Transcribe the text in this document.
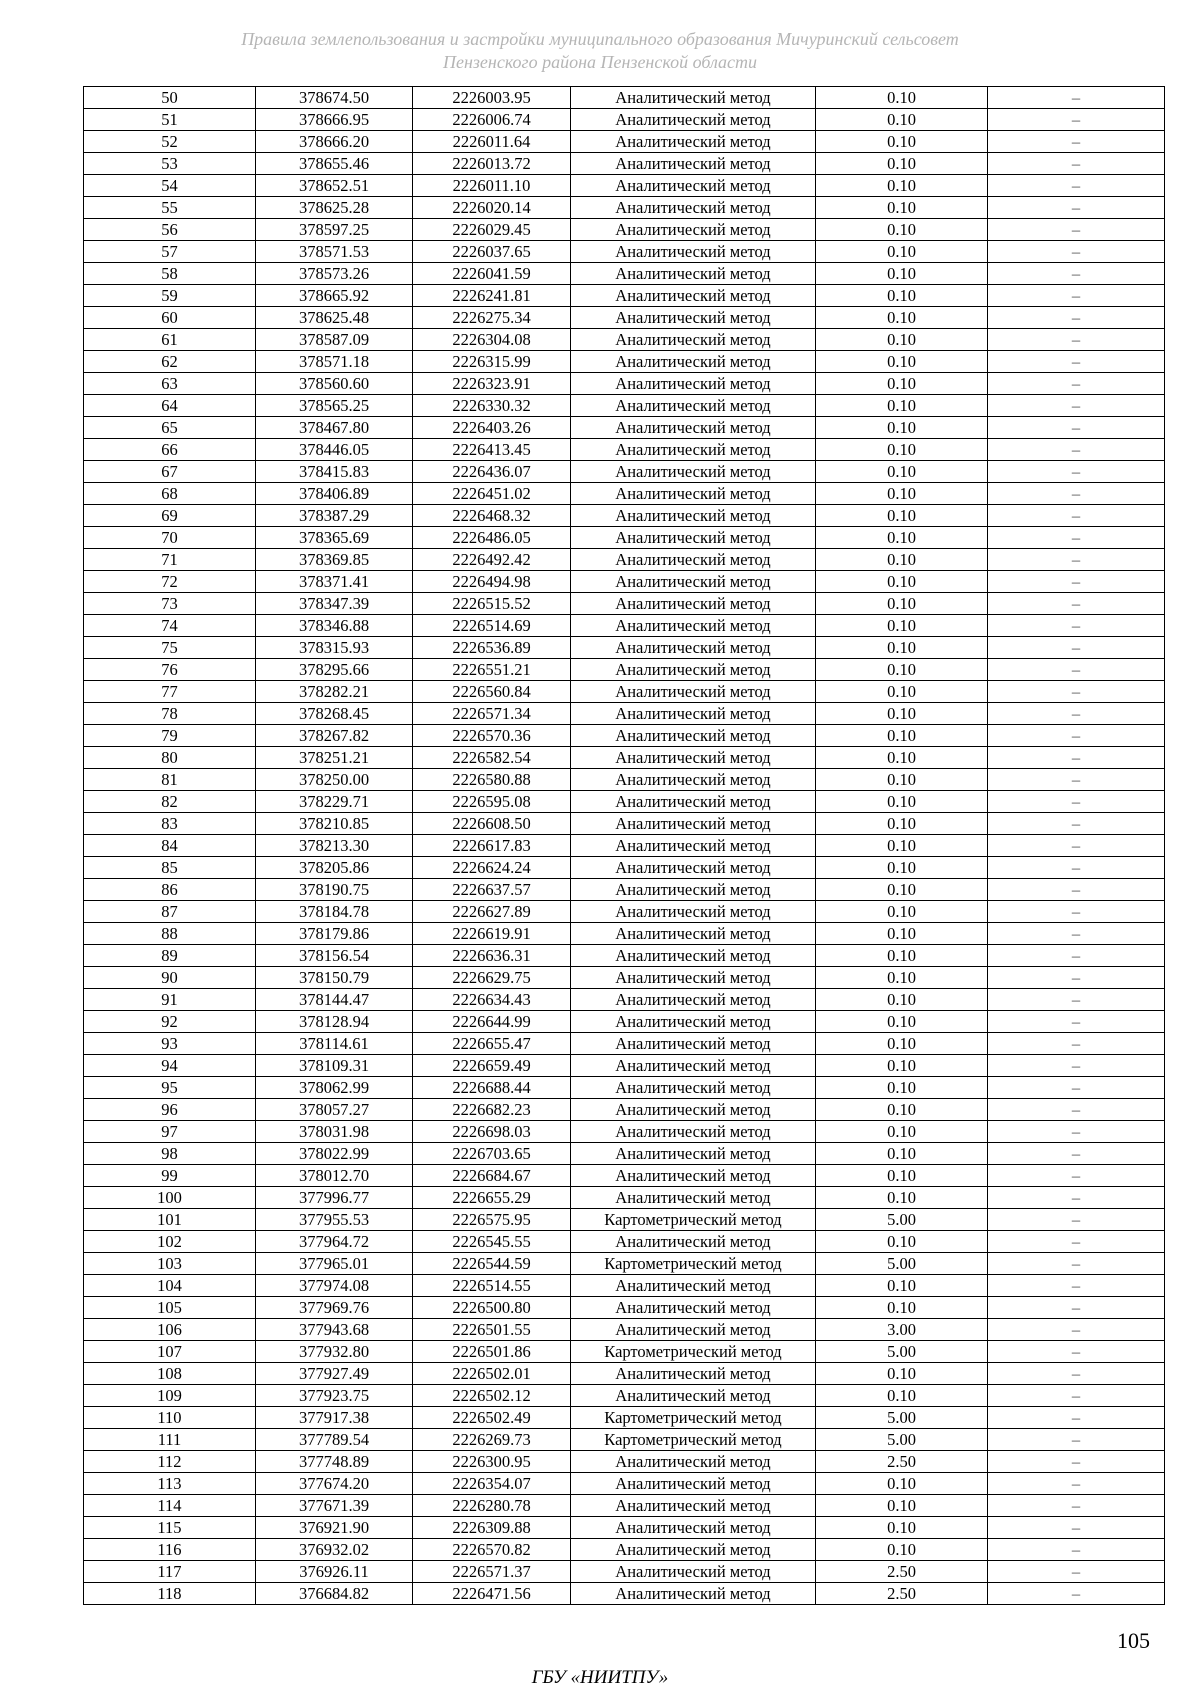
Правила землепользования и застройки муниципального образования Мичуринский сельсовет
Пензенского района Пензенской области
50	378674.50	2226003.95	Аналитический метод	0.10	–
51	378666.95	2226006.74	Аналитический метод	0.10	–
52	378666.20	2226011.64	Аналитический метод	0.10	–
53	378655.46	2226013.72	Аналитический метод	0.10	–
54	378652.51	2226011.10	Аналитический метод	0.10	–
55	378625.28	2226020.14	Аналитический метод	0.10	–
56	378597.25	2226029.45	Аналитический метод	0.10	–
57	378571.53	2226037.65	Аналитический метод	0.10	–
58	378573.26	2226041.59	Аналитический метод	0.10	–
59	378665.92	2226241.81	Аналитический метод	0.10	–
60	378625.48	2226275.34	Аналитический метод	0.10	–
61	378587.09	2226304.08	Аналитический метод	0.10	–
62	378571.18	2226315.99	Аналитический метод	0.10	–
63	378560.60	2226323.91	Аналитический метод	0.10	–
64	378565.25	2226330.32	Аналитический метод	0.10	–
65	378467.80	2226403.26	Аналитический метод	0.10	–
66	378446.05	2226413.45	Аналитический метод	0.10	–
67	378415.83	2226436.07	Аналитический метод	0.10	–
68	378406.89	2226451.02	Аналитический метод	0.10	–
69	378387.29	2226468.32	Аналитический метод	0.10	–
70	378365.69	2226486.05	Аналитический метод	0.10	–
71	378369.85	2226492.42	Аналитический метод	0.10	–
72	378371.41	2226494.98	Аналитический метод	0.10	–
73	378347.39	2226515.52	Аналитический метод	0.10	–
74	378346.88	2226514.69	Аналитический метод	0.10	–
75	378315.93	2226536.89	Аналитический метод	0.10	–
76	378295.66	2226551.21	Аналитический метод	0.10	–
77	378282.21	2226560.84	Аналитический метод	0.10	–
78	378268.45	2226571.34	Аналитический метод	0.10	–
79	378267.82	2226570.36	Аналитический метод	0.10	–
80	378251.21	2226582.54	Аналитический метод	0.10	–
81	378250.00	2226580.88	Аналитический метод	0.10	–
82	378229.71	2226595.08	Аналитический метод	0.10	–
83	378210.85	2226608.50	Аналитический метод	0.10	–
84	378213.30	2226617.83	Аналитический метод	0.10	–
85	378205.86	2226624.24	Аналитический метод	0.10	–
86	378190.75	2226637.57	Аналитический метод	0.10	–
87	378184.78	2226627.89	Аналитический метод	0.10	–
88	378179.86	2226619.91	Аналитический метод	0.10	–
89	378156.54	2226636.31	Аналитический метод	0.10	–
90	378150.79	2226629.75	Аналитический метод	0.10	–
91	378144.47	2226634.43	Аналитический метод	0.10	–
92	378128.94	2226644.99	Аналитический метод	0.10	–
93	378114.61	2226655.47	Аналитический метод	0.10	–
94	378109.31	2226659.49	Аналитический метод	0.10	–
95	378062.99	2226688.44	Аналитический метод	0.10	–
96	378057.27	2226682.23	Аналитический метод	0.10	–
97	378031.98	2226698.03	Аналитический метод	0.10	–
98	378022.99	2226703.65	Аналитический метод	0.10	–
99	378012.70	2226684.67	Аналитический метод	0.10	–
100	377996.77	2226655.29	Аналитический метод	0.10	–
101	377955.53	2226575.95	Картометрический метод	5.00	–
102	377964.72	2226545.55	Аналитический метод	0.10	–
103	377965.01	2226544.59	Картометрический метод	5.00	–
104	377974.08	2226514.55	Аналитический метод	0.10	–
105	377969.76	2226500.80	Аналитический метод	0.10	–
106	377943.68	2226501.55	Аналитический метод	3.00	–
107	377932.80	2226501.86	Картометрический метод	5.00	–
108	377927.49	2226502.01	Аналитический метод	0.10	–
109	377923.75	2226502.12	Аналитический метод	0.10	–
110	377917.38	2226502.49	Картометрический метод	5.00	–
111	377789.54	2226269.73	Картометрический метод	5.00	–
112	377748.89	2226300.95	Аналитический метод	2.50	–
113	377674.20	2226354.07	Аналитический метод	0.10	–
114	377671.39	2226280.78	Аналитический метод	0.10	–
115	376921.90	2226309.88	Аналитический метод	0.10	–
116	376932.02	2226570.82	Аналитический метод	0.10	–
117	376926.11	2226571.37	Аналитический метод	2.50	–
118	376684.82	2226471.56	Аналитический метод	2.50	–
105
ГБУ «НИИТПУ»
